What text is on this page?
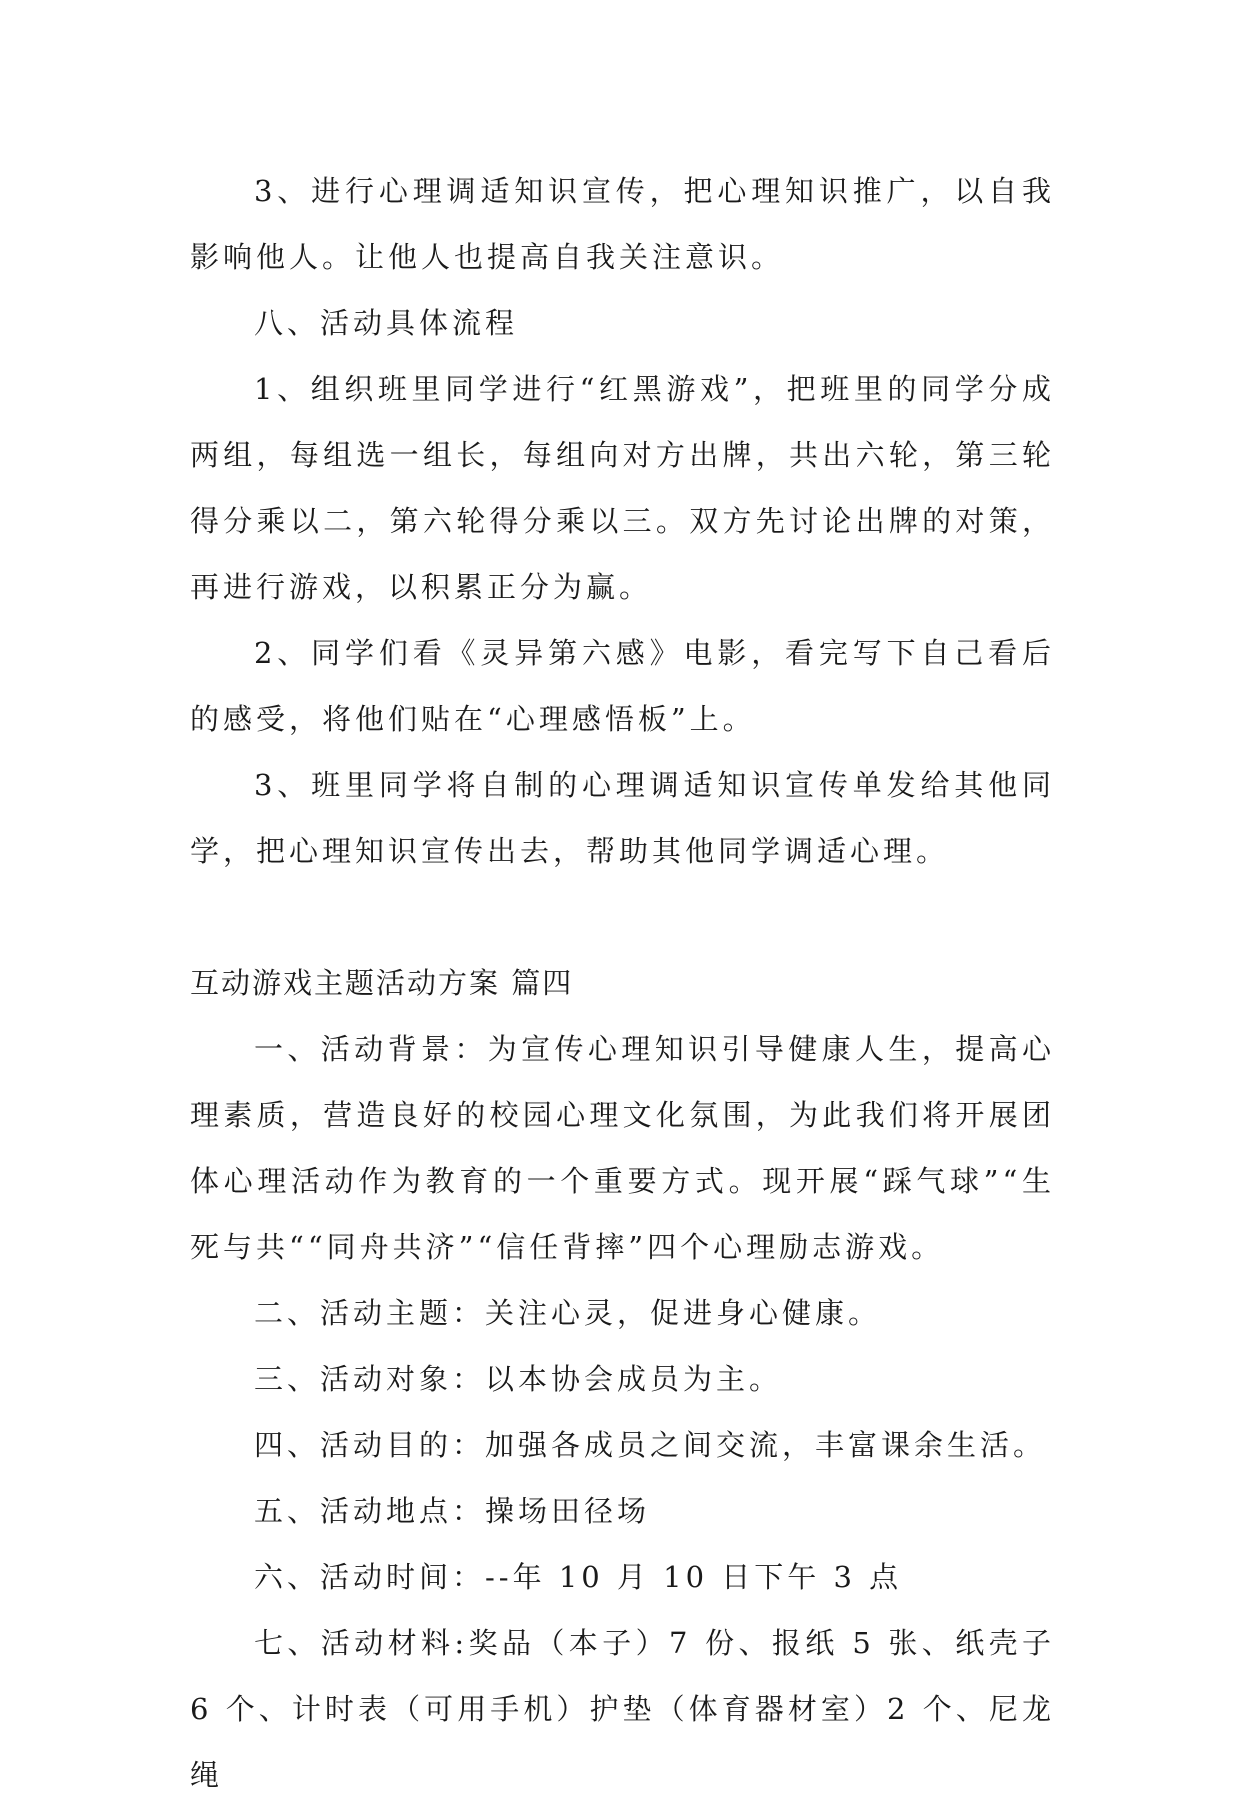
3、进行心理调适知识宣传，把心理知识推广，以自我影响他人。让他人也提高自我关注意识。

八、活动具体流程

1、组织班里同学进行“红黑游戏”，把班里的同学分成两组，每组选一组长，每组向对方出牌，共出六轮，第三轮得分乘以二，第六轮得分乘以三。双方先讨论出牌的对策，再进行游戏，以积累正分为赢。

2、同学们看《灵异第六感》电影，看完写下自己看后的感受，将他们贴在“心理感悟板”上。

3、班里同学将自制的心理调适知识宣传单发给其他同学，把心理知识宣传出去，帮助其他同学调适心理。

互动游戏主题活动方案 篇四

一、活动背景：为宣传心理知识引导健康人生，提高心理素质，营造良好的校园心理文化氛围，为此我们将开展团体心理活动作为教育的一个重要方式。现开展“踩气球”“生死与共““同舟共济”“信任背摔”四个心理励志游戏。

二、活动主题：关注心灵，促进身心健康。

三、活动对象：以本协会成员为主。

四、活动目的：加强各成员之间交流，丰富课余生活。

五、活动地点：操场田径场

六、活动时间：--年 10 月 10 日下午 3 点

七、活动材料:奖品（本子）7 份、报纸 5 张、纸壳子 6 个、计时表（可用手机）护垫（体育器材室）2 个、尼龙绳
